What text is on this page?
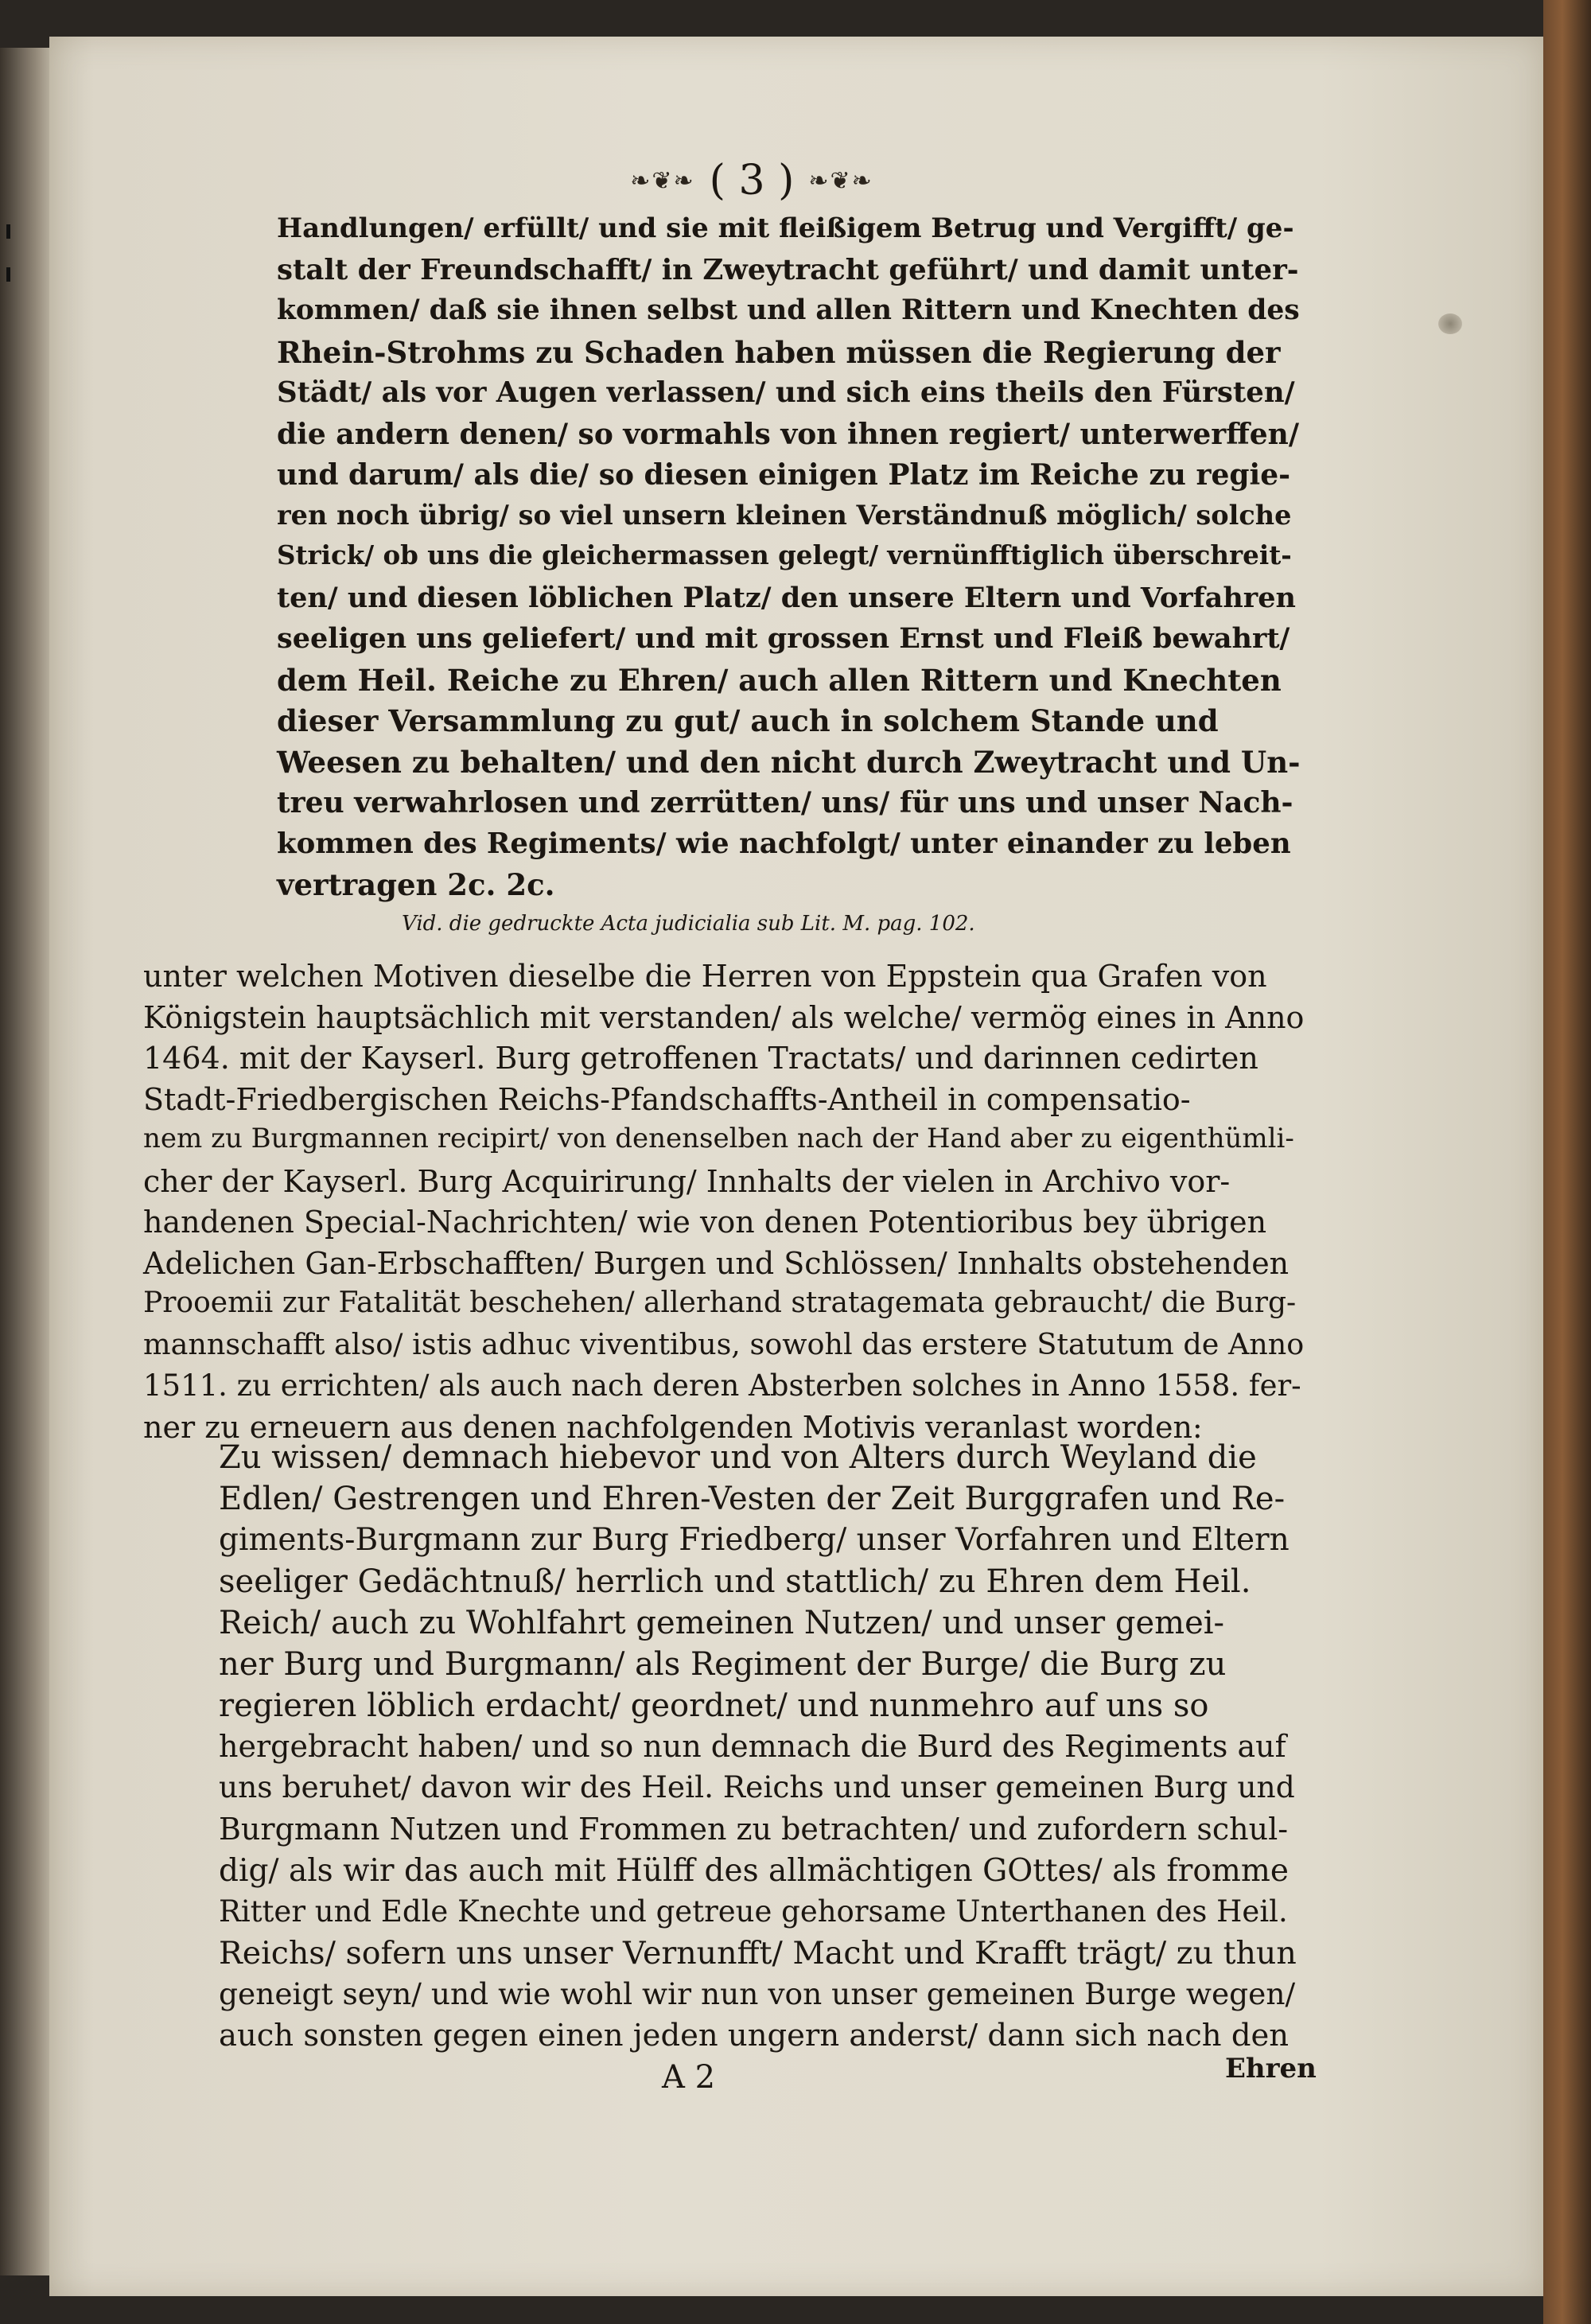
❧❦❧ ( 3 ) ❧❦❧
Handlungen/ erfüllt/ und sie mit fleißigem Betrug und Vergifft/ ge-
stalt der Freundschafft/ in Zweytracht geführt/ und damit unter-
kommen/ daß sie ihnen selbst und allen Rittern und Knechten des
Rhein-Strohms zu Schaden haben müssen die Regierung der
Städt/ als vor Augen verlassen/ und sich eins theils den Fürsten/
die andern denen/ so vormahls von ihnen regiert/ unterwerffen/
und darum/ als die/ so diesen einigen Platz im Reiche zu regie-
ren noch übrig/ so viel unsern kleinen Verständnuß möglich/ solche
Strick/ ob uns die gleichermassen gelegt/ vernünfftiglich überschreit-
ten/ und diesen löblichen Platz/ den unsere Eltern und Vorfahren
seeligen uns geliefert/ und mit grossen Ernst und Fleiß bewahrt/
dem Heil. Reiche zu Ehren/ auch allen Rittern und Knechten
dieser Versammlung zu gut/ auch in solchem Stande und
Weesen zu behalten/ und den nicht durch Zweytracht und Un-
treu verwahrlosen und zerrütten/ uns/ für uns und unser Nach-
kommen des Regiments/ wie nachfolgt/ unter einander zu leben
vertragen 2c. 2c.
Vid. die gedruckte Acta judicialia sub Lit. M. pag. 102.
unter welchen Motiven dieselbe die Herren von Eppstein qua Grafen von
Königstein hauptsächlich mit verstanden/ als welche/ vermög eines in Anno
1464. mit der Kayserl. Burg getroffenen Tractats/ und darinnen cedirten
Stadt-Friedbergischen Reichs-Pfandschaffts-Antheil in compensatio-
nem zu Burgmannen recipirt/ von denenselben nach der Hand aber zu eigenthümli-
cher der Kayserl. Burg Acquirirung/ Innhalts der vielen in Archivo vor-
handenen Special-Nachrichten/ wie von denen Potentioribus bey übrigen
Adelichen Gan-Erbschafften/ Burgen und Schlössen/ Innhalts obstehenden
Prooemii zur Fatalität beschehen/ allerhand stratagemata gebraucht/ die Burg-
mannschafft also/ istis adhuc viventibus, sowohl das erstere Statutum de Anno
1511. zu errichten/ als auch nach deren Absterben solches in Anno 1558. fer-
ner zu erneuern aus denen nachfolgenden Motivis veranlast worden:
Zu wissen/ demnach hiebevor und von Alters durch Weyland die
Edlen/ Gestrengen und Ehren-Vesten der Zeit Burggrafen und Re-
giments-Burgmann zur Burg Friedberg/ unser Vorfahren und Eltern
seeliger Gedächtnuß/ herrlich und stattlich/ zu Ehren dem Heil.
Reich/ auch zu Wohlfahrt gemeinen Nutzen/ und unser gemei-
ner Burg und Burgmann/ als Regiment der Burge/ die Burg zu
regieren löblich erdacht/ geordnet/ und nunmehro auf uns so
hergebracht haben/ und so nun demnach die Burd des Regiments auf
uns beruhet/ davon wir des Heil. Reichs und unser gemeinen Burg und
Burgmann Nutzen und Frommen zu betrachten/ und zufordern schul-
dig/ als wir das auch mit Hülff des allmächtigen GOttes/ als fromme
Ritter und Edle Knechte und getreue gehorsame Unterthanen des Heil.
Reichs/ sofern uns unser Vernunfft/ Macht und Krafft trägt/ zu thun
geneigt seyn/ und wie wohl wir nun von unser gemeinen Burge wegen/
auch sonsten gegen einen jeden ungern anderst/ dann sich nach den
A 2	Ehren
